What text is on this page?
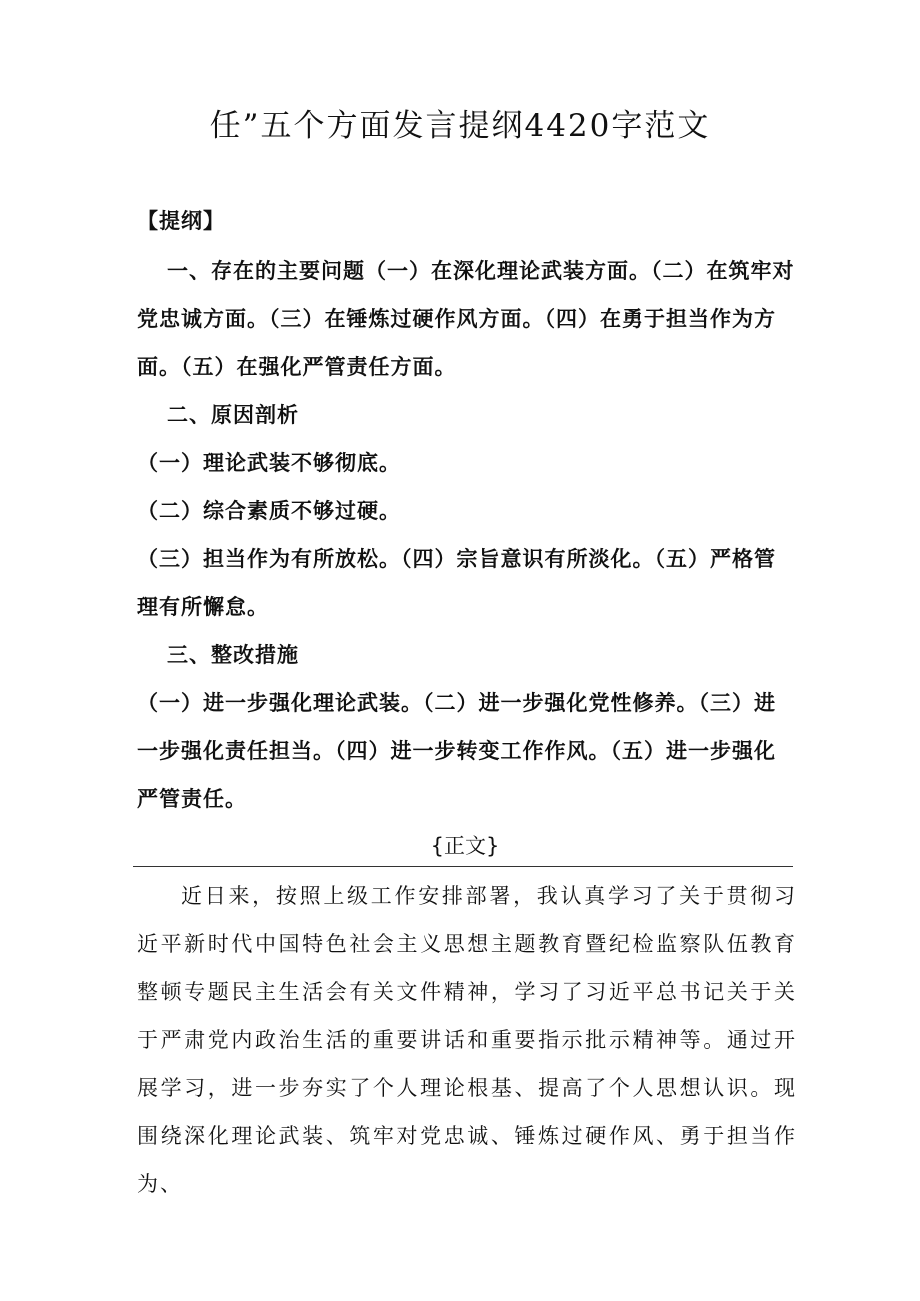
任”五个方面发言提纲4420字范文

【提纲】

一、存在的主要问题（一）在深化理论武装方面。（二）在筑牢对党忠诚方面。（三）在锤炼过硬作风方面。（四）在勇于担当作为方面。（五）在强化严管责任方面。

二、原因剖析

（一）理论武装不够彻底。

（二）综合素质不够过硬。

（三）担当作为有所放松。（四）宗旨意识有所淡化。（五）严格管理有所懈怠。

三、整改措施

（一）进一步强化理论武装。（二）进一步强化党性修养。（三）进一步强化责任担当。（四）进一步转变工作作风。（五）进一步强化严管责任。

{正文}

近日来，按照上级工作安排部署，我认真学习了关于贯彻习近平新时代中国特色社会主义思想主题教育暨纪检监察队伍教育整顿专题民主生活会有关文件精神，学习了习近平总书记关于关于严肃党内政治生活的重要讲话和重要指示批示精神等。通过开展学习，进一步夯实了个人理论根基、提高了个人思想认识。现围绕深化理论武装、筑牢对党忠诚、锤炼过硬作风、勇于担当作为、
